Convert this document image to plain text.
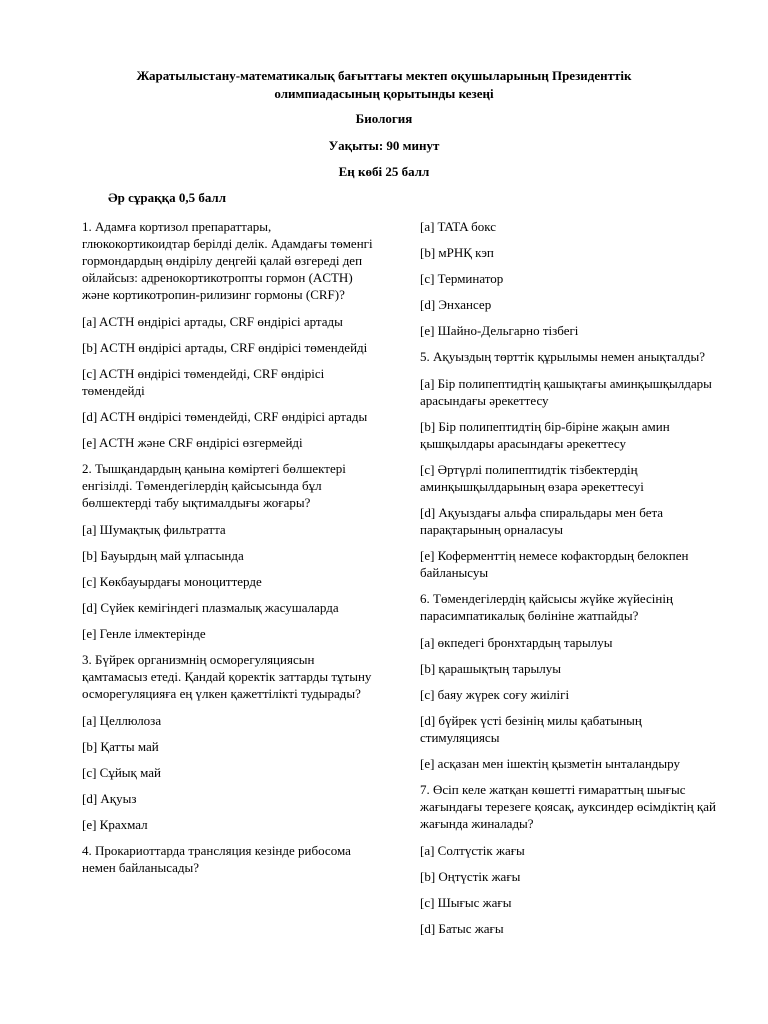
Жаратылыстану-математикалық бағыттағы мектеп оқушыларының Президенттік
олимпиадасының қорытынды кезеңі
Биология
Уақыты: 90 минут
Ең көбі 25 балл
Әр сұраққа 0,5 балл
1. Адамға кортизол препараттары, глюкокортикоидтар берілді делік. Адамдағы төменгі гормондардың өндірілу деңгейі қалай өзгереді деп ойлайсыз: адренокортикотропты гормон (ACTH) және кортикотропин-рилизинг гормоны (CRF)?
[a] ACTH өндірісі артады, CRF өндірісі артады
[b] ACTH өндірісі артады, CRF өндірісі төмендейді
[c] ACTH өндірісі төмендейді, CRF өндірісі төмендейді
[d] ACTH өндірісі төмендейді, CRF өндірісі артады
[e] ACTH және CRF өндірісі өзгермейді
2. Тышқандардың қанына көміртегі бөлшектері енгізілді. Төмендегілердің қайсысында бұл бөлшектерді табу ықтималдығы жоғары?
[a] Шумақтық фильтратта
[b] Бауырдың май ұлпасында
[c] Көкбауырдағы моноциттерде
[d] Сүйек кемігіндегі плазмалық жасушаларда
[e] Генле ілмектерінде
3. Бүйрек организмнің осморегуляциясын қамтамасыз етеді. Қандай қоректік заттарды тұтыну осморегуляцияға ең үлкен қажеттілікті тудырады?
[a] Целлюлоза
[b] Қатты май
[c] Сұйық май
[d] Ақуыз
[e] Крахмал
4. Прокариоттарда трансляция кезінде рибосома немен байланысады?
[a] TATA бокс
[b] мРНҚ кэп
[c] Терминатор
[d] Энхансер
[e] Шайно-Дельгарно тізбегі
5. Ақуыздың төрттік құрылымы немен анықталды?
[a] Бір полипептидтің қашықтағы аминқышқылдары арасындағы әрекеттесу
[b] Бір полипептидтің бір-біріне жақын амин қышқылдары арасындағы әрекеттесу
[c] Әртүрлі полипептидтік тізбектердің аминқышқылдарының өзара әрекеттесуі
[d] Ақуыздағы альфа спиральдары мен бета парақтарының орналасуы
[e] Коферменттің немесе кофактордың белокпен байланысуы
6. Төмендегілердің қайсысы жүйке жүйесінің парасимпатикалық бөлініне жатпайды?
[a] өкпедегі бронхтардың тарылуы
[b] қарашықтың тарылуы
[c] баяу жүрек соғу жиілігі
[d] бүйрек үсті безінің милы қабатының стимуляциясы
[e] асқазан мен ішектің қызметін ынталандыру
7. Өсіп келе жатқан көшетті ғимараттың шығыс жағындағы терезеге қоясақ, ауксиндер өсімдіктің қай жағында жиналады?
[a] Солтүстік жағы
[b] Оңтүстік жағы
[c] Шығыс жағы
[d] Батыс жағы
